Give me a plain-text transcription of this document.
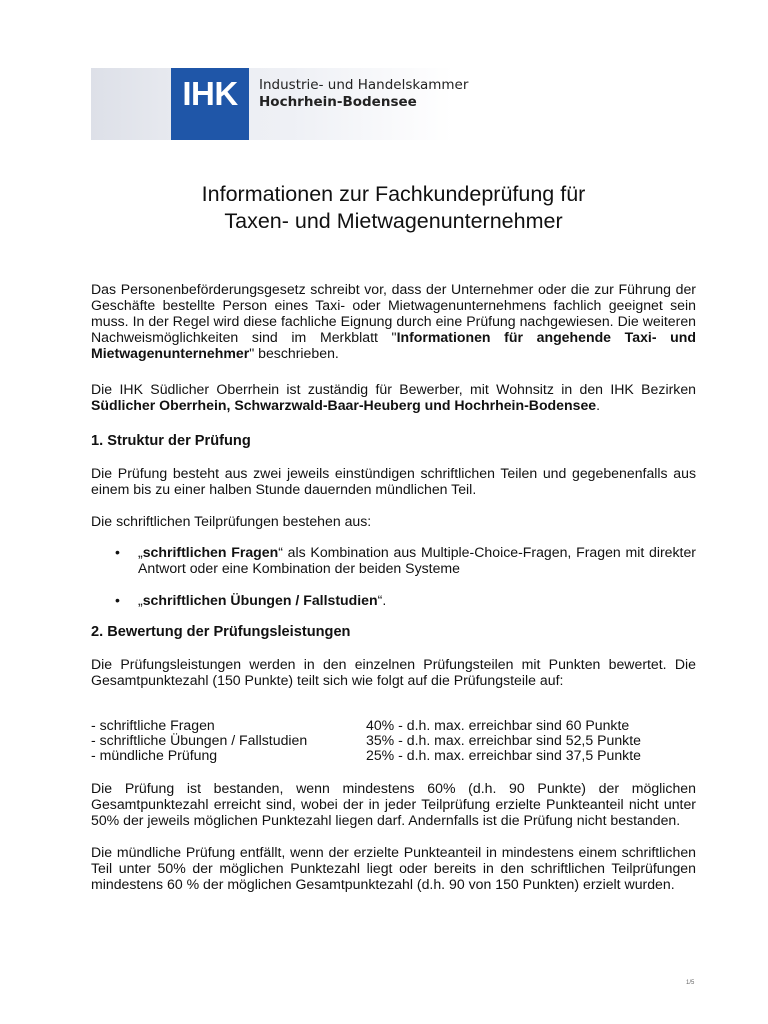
IHK	Industrie- und Handelskammer
Hochrhein-Bodensee
Informationen zur Fachkundeprüfung für
Taxen- und Mietwagenunternehmer

Das Personenbeförderungsgesetz schreibt vor, dass der Unternehmer oder die zur Führung der Geschäfte bestellte Person eines Taxi- oder Mietwagenunternehmens fachlich geeignet sein muss. In der Regel wird diese fachliche Eignung durch eine Prüfung nachgewiesen. Die weiteren Nachweismöglichkeiten sind im Merkblatt "Informationen für angehende Taxi- und Mietwagenunternehmer" beschrieben.

Die IHK Südlicher Oberrhein ist zuständig für Bewerber, mit Wohnsitz in den IHK Bezirken Südlicher Oberrhein, Schwarzwald-Baar-Heuberg und Hochrhein-Bodensee.

1. Struktur der Prüfung

Die Prüfung besteht aus zwei jeweils einstündigen schriftlichen Teilen und gegebenenfalls aus einem bis zu einer halben Stunde dauernden mündlichen Teil.

Die schriftlichen Teilprüfungen bestehen aus:

• „schriftlichen Fragen“ als Kombination aus Multiple-Choice-Fragen, Fragen mit direkter Antwort oder eine Kombination der beiden Systeme
• „schriftlichen Übungen / Fallstudien“.
2. Bewertung der Prüfungsleistungen

Die Prüfungsleistungen werden in den einzelnen Prüfungsteilen mit Punkten bewertet. Die Gesamtpunktezahl (150 Punkte) teilt sich wie folgt auf die Prüfungsteile auf:

- schriftliche Fragen	40% - d.h. max. erreichbar sind 60 Punkte
- schriftliche Übungen / Fallstudien	35% - d.h. max. erreichbar sind 52,5 Punkte
- mündliche Prüfung	25% - d.h. max. erreichbar sind 37,5 Punkte

Die Prüfung ist bestanden, wenn mindestens 60% (d.h. 90 Punkte) der möglichen Gesamtpunktezahl erreicht sind, wobei der in jeder Teilprüfung erzielte Punkteanteil nicht unter 50% der jeweils möglichen Punktezahl liegen darf. Andernfalls ist die Prüfung nicht bestanden.

Die mündliche Prüfung entfällt, wenn der erzielte Punkteanteil in mindestens einem schriftlichen Teil unter 50% der möglichen Punktezahl liegt oder bereits in den schriftlichen Teilprüfungen mindestens 60 % der möglichen Gesamtpunktezahl (d.h. 90 von 150 Punkten) erzielt wurden.

1/5
